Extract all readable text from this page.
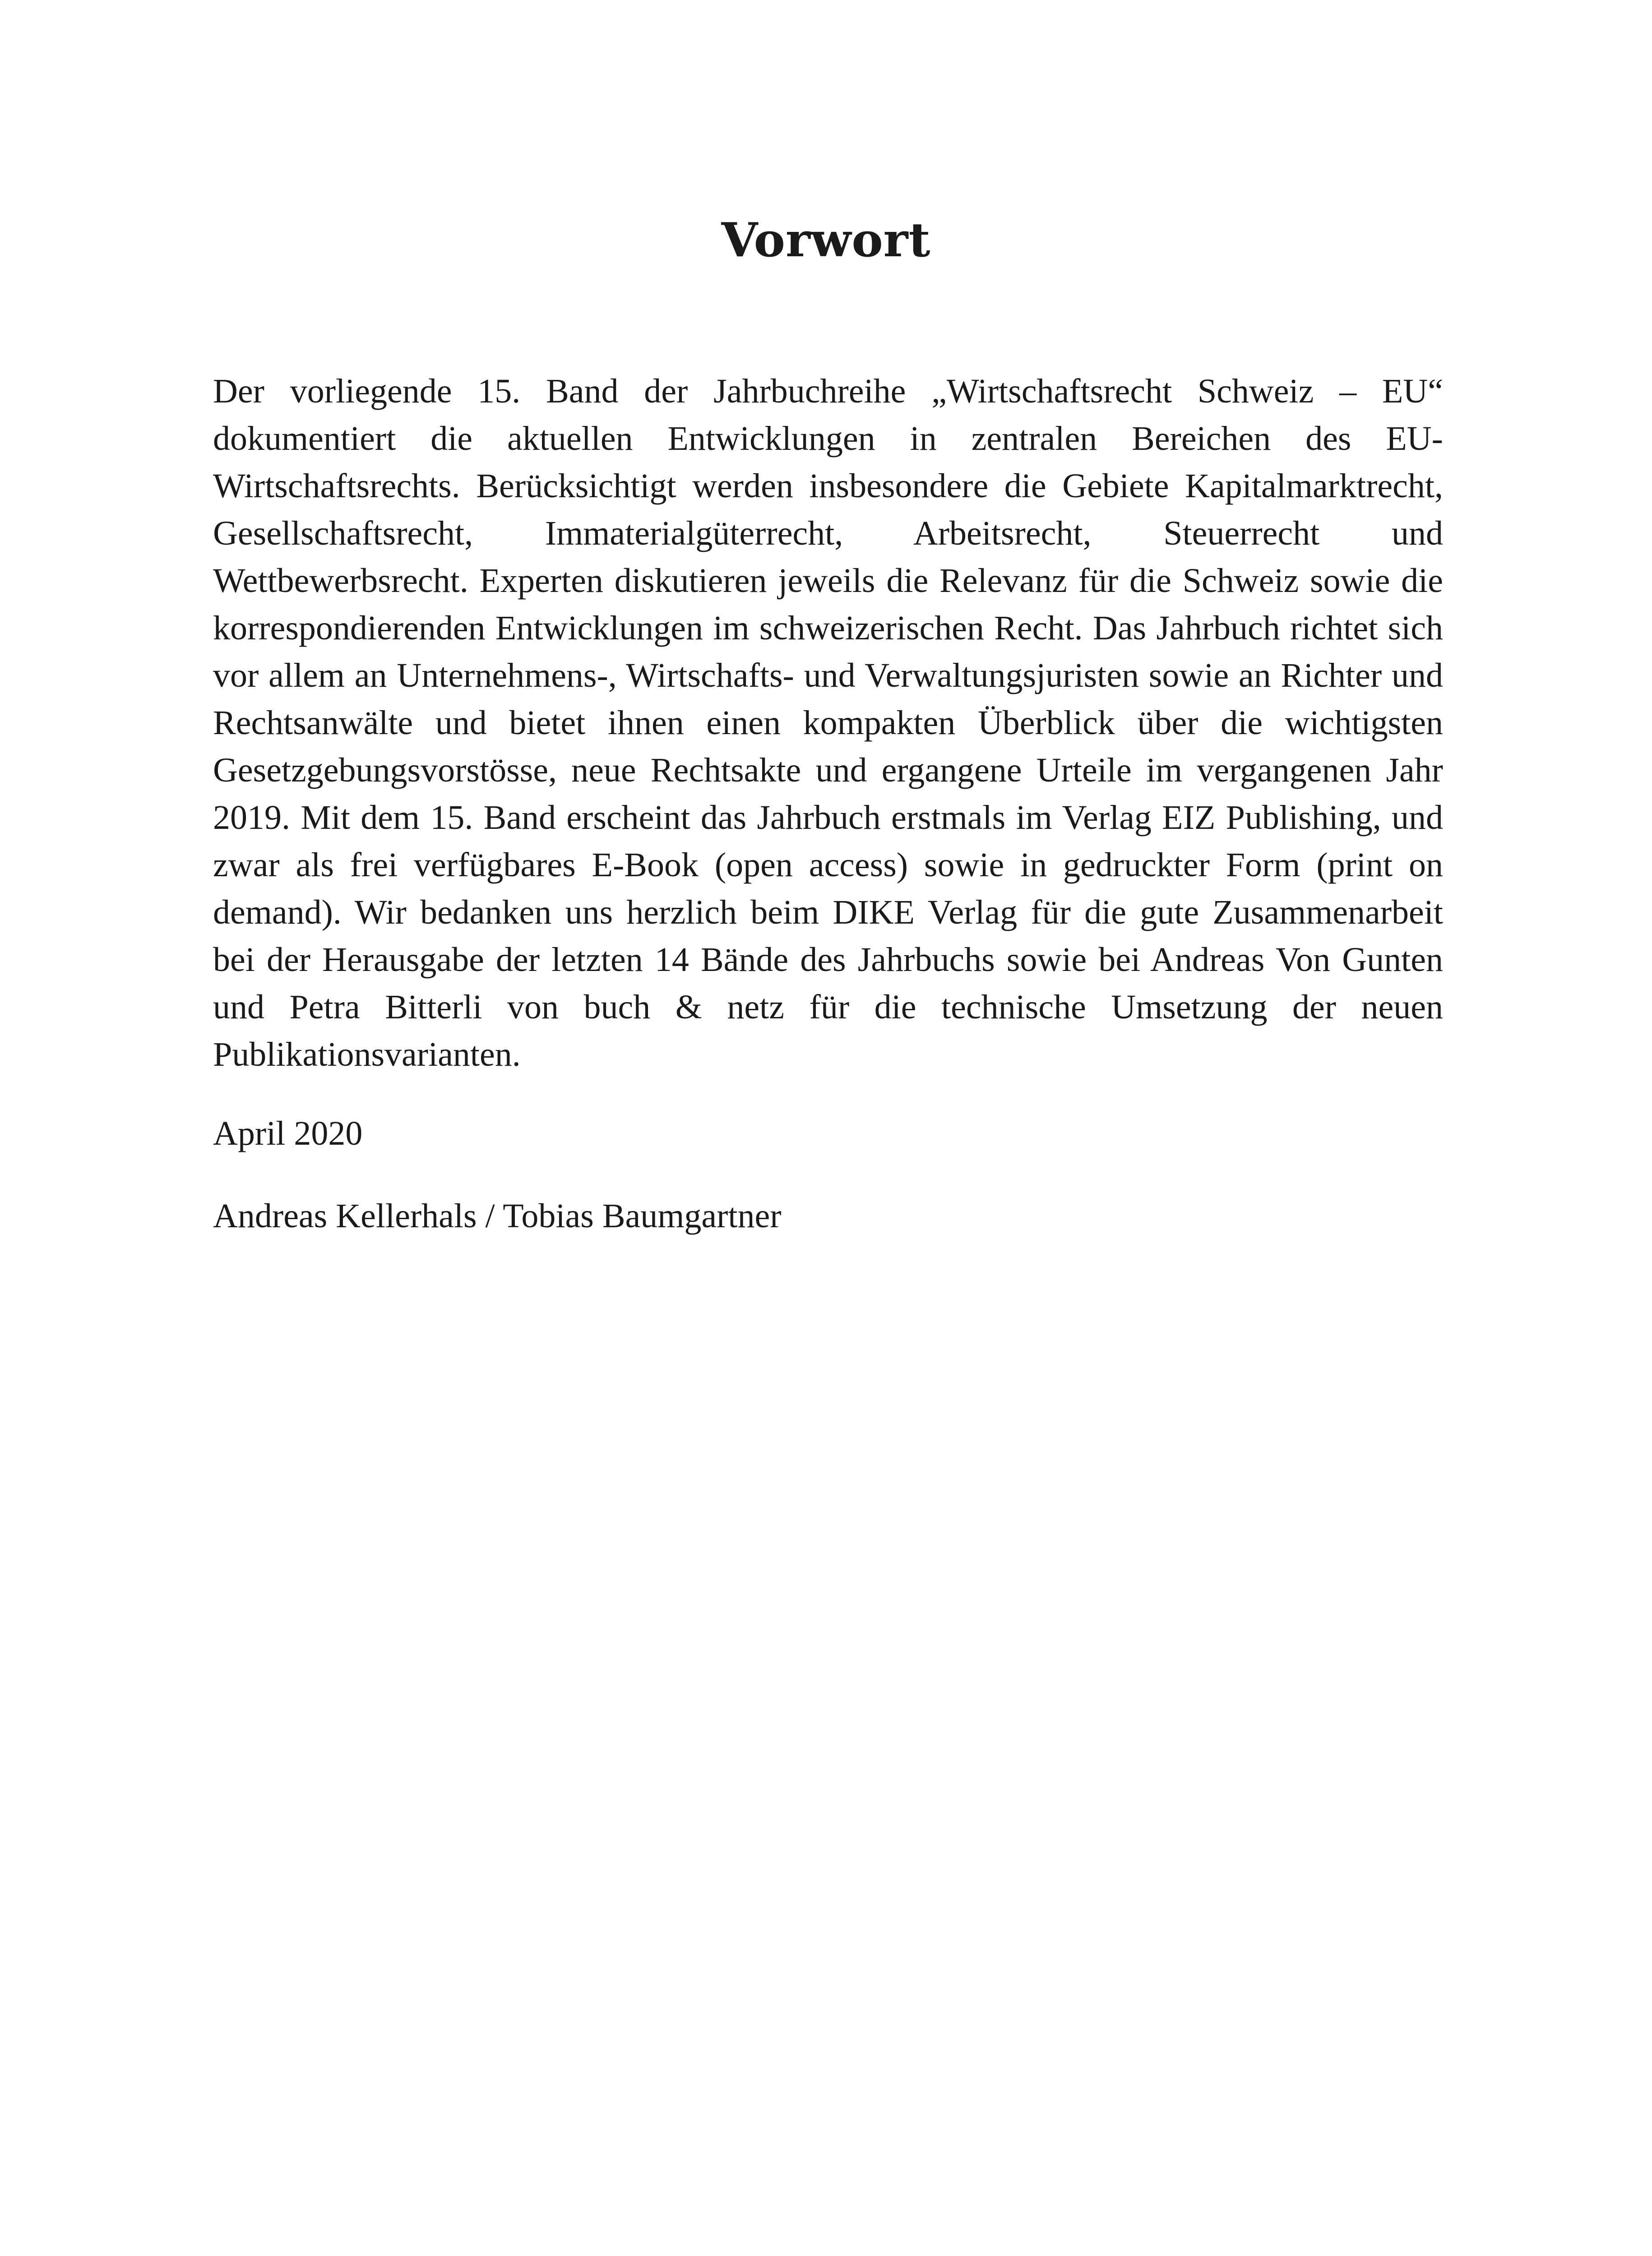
Vorwort

Der vorliegende 15. Band der Jahrbuchreihe „Wirtschaftsrecht Schweiz – EU“ dokumentiert die aktuellen Entwicklungen in zentralen Bereichen des EU-Wirtschaftsrechts. Berücksichtigt werden insbesondere die Gebiete Kapitalmarktrecht, Gesellschaftsrecht, Immaterialgüterrecht, Arbeitsrecht, Steuerrecht und Wettbewerbsrecht. Experten diskutieren jeweils die Relevanz für die Schweiz sowie die korrespondierenden Entwicklungen im schweizerischen Recht. Das Jahrbuch richtet sich vor allem an Unternehmens-, Wirtschafts- und Verwaltungsjuristen sowie an Richter und Rechtsanwälte und bietet ihnen einen kompakten Überblick über die wichtigsten Gesetzgebungsvorstösse, neue Rechtsakte und ergangene Urteile im vergangenen Jahr 2019. Mit dem 15. Band erscheint das Jahrbuch erstmals im Verlag EIZ Publishing, und zwar als frei verfügbares E-Book (open access) sowie in gedruckter Form (print on demand). Wir bedanken uns herzlich beim DIKE Verlag für die gute Zusammenarbeit bei der Herausgabe der letzten 14 Bände des Jahrbuchs sowie bei Andreas Von Gunten und Petra Bitterli von buch & netz für die technische Umsetzung der neuen Publikationsvarianten.

April 2020

Andreas Kellerhals / Tobias Baumgartner
